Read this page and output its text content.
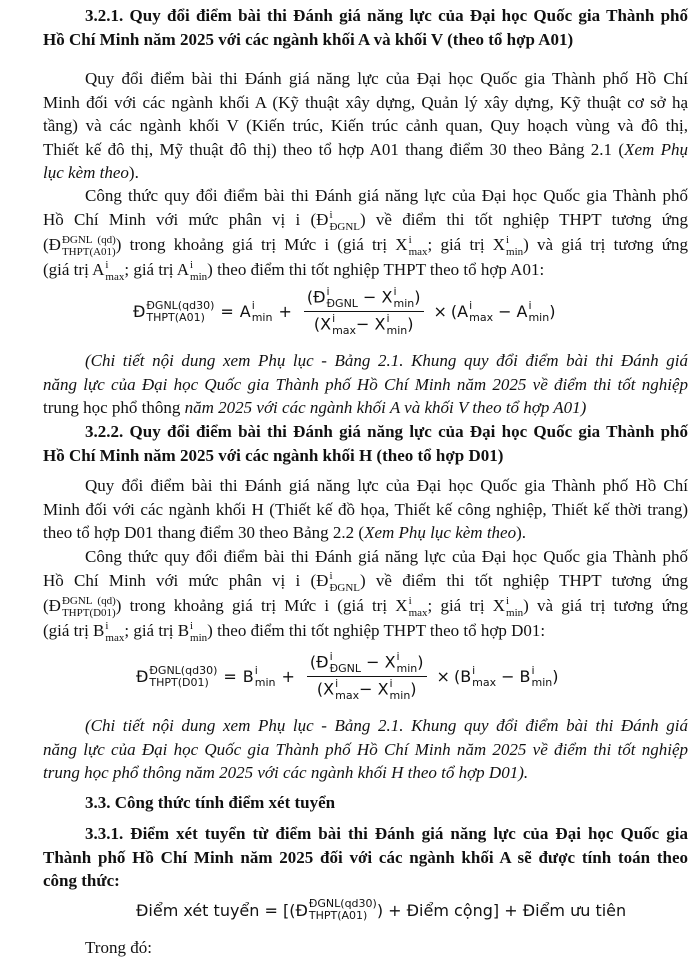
3.2.1. Quy đổi điểm bài thi Đánh giá năng lực của Đại học Quốc gia Thành phố
Hồ Chí Minh năm 2025 với các ngành khối A và khối V (theo tổ hợp A01)
Quy đổi điểm bài thi Đánh giá năng lực của Đại học Quốc gia Thành phố Hồ Chí
Minh đối với các ngành khối A (Kỹ thuật xây dựng, Quản lý xây dựng, Kỹ thuật cơ sở hạ
tầng) và các ngành khối V (Kiến trúc, Kiến trúc cảnh quan, Quy hoạch vùng và đô thị,
Thiết kế đô thị, Mỹ thuật đô thị) theo tổ hợp A01 thang điểm 30 theo Bảng 2.1 (Xem Phụ
lục kèm theo).
Công thức quy đổi điểm bài thi Đánh giá năng lực của Đại học Quốc gia Thành phố
Hồ Chí Minh với mức phân vị i (Đ i
ĐGNL ) về điểm thi tốt nghiệp THPT tương ứng
(Đ ĐGNL (qd)
THPT(A01) ) trong khoảng giá trị Mức i (giá trị X i
max ; giá trị X i
min ) và giá trị tương ứng
(giá trị A i
max ; giá trị A i
min ) theo điểm thi tốt nghiệp THPT theo tổ hợp A01:
Đ ĐGNL(qd30)
THPT(A01) = A i
min + (Đ i
ĐGNL − X i
min )
(X i
max − X i
min ) × ( A i
max − A i
min )
(Chi tiết nội dung xem Phụ lục - Bảng 2.1. Khung quy đổi điểm bài thi Đánh giá
năng lực của Đại học Quốc gia Thành phố Hồ Chí Minh năm 2025 về điểm thi tốt nghiệp
trung học phổ thông năm 2025 với các ngành khối A và khối V theo tổ hợp A01)
3.2.2. Quy đổi điểm bài thi Đánh giá năng lực của Đại học Quốc gia Thành phố
Hồ Chí Minh năm 2025 với các ngành khối H (theo tổ hợp D01)
Quy đổi điểm bài thi Đánh giá năng lực của Đại học Quốc gia Thành phố Hồ Chí
Minh đối với các ngành khối H (Thiết kế đồ họa, Thiết kế công nghiệp, Thiết kế thời trang)
theo tổ hợp D01 thang điểm 30 theo Bảng 2.2 (Xem Phụ lục kèm theo).
Công thức quy đổi điểm bài thi Đánh giá năng lực của Đại học Quốc gia Thành phố
Hồ Chí Minh với mức phân vị i (Đ i
ĐGNL ) về điểm thi tốt nghiệp THPT tương ứng
(Đ ĐGNL (qd)
THPT(D01) ) trong khoảng giá trị Mức i (giá trị X i
max ; giá trị X i
min ) và giá trị tương ứng
(giá trị B i
max ; giá trị B i
min ) theo điểm thi tốt nghiệp THPT theo tổ hợp D01:
Đ ĐGNL(qd30)
THPT(D01) = B i
min + (Đ i
ĐGNL − X i
min )
(X i
max − X i
min ) × ( B i
max − B i
min )
(Chi tiết nội dung xem Phụ lục - Bảng 2.1. Khung quy đổi điểm bài thi Đánh giá
năng lực của Đại học Quốc gia Thành phố Hồ Chí Minh năm 2025 về điểm thi tốt nghiệp
trung học phổ thông năm 2025 với các ngành khối H theo tổ hợp D01).
3.3. Công thức tính điểm xét tuyển
3.3.1. Điểm xét tuyển từ điểm bài thi Đánh giá năng lực của Đại học Quốc gia
Thành phố Hồ Chí Minh năm 2025 đối với các ngành khối A sẽ được tính toán theo
công thức:
Điểm xét tuyển = [( Đ ĐGNL(qd30)
THPT(A01) ) + Điểm cộng] + Điểm ưu tiên
Trong đó:
